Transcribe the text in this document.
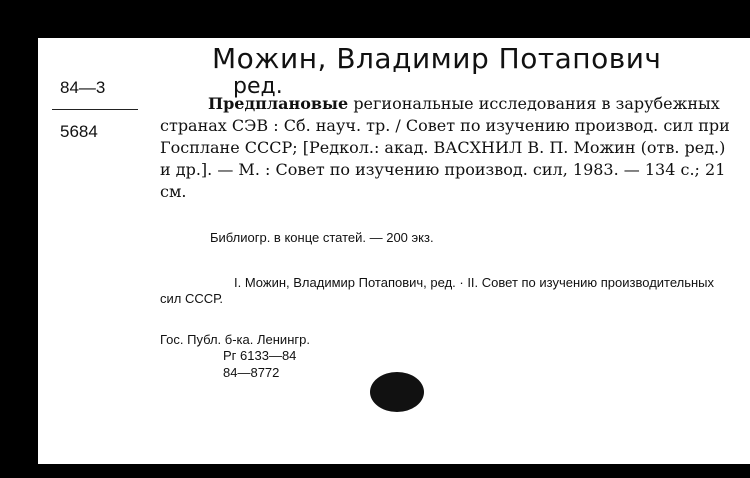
Можин, Владимир Потапович
ред.
84—3
5684
Предплановые региональные исследования в зарубежных странах СЭВ : Сб. науч. тр. / Совет по изучению производ. сил при Госплане СССР; [Редкол.: акад. ВАСХНИЛ В. П. Можин (отв. ред.) и др.]. — М. : Совет по изучению производ. сил, 1983. — 134 с.; 21 см.
Библиогр. в конце статей. — 200 экз.
I. Можин, Владимир Потапович, ред. · II. Совет по изучению производительных сил СССР.
Гос. Публ. б-ка. Ленингр.
Рг 6133—84
84—8772
